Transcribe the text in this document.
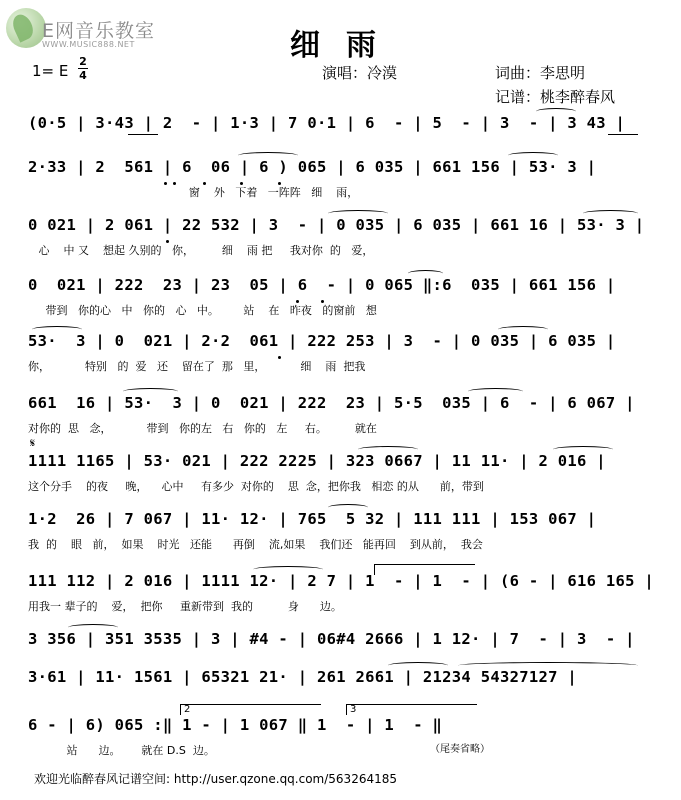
E网音乐教室
WWW.MUSIC888.NET	细雨
1= E
2
4	演唱：冷漠	词曲：李思明
记谱：桃李醉春风
(0·5 | 3·43 | 2  - | 1·3 | 7 0·1 | 6  - | 5  - | 3  - | 3 43 |
2·33 | 2  561 | 6  06 | 6 ) 065 | 6 035 | 661 156 | 53· 3 |
窗    外   下着   一阵阵   细    雨，
0 021 | 2 061 | 22 532 | 3  - | 0 035 | 6 035 | 661 16 | 53· 3 |
心    中 又    想起 久别的   你，        细    雨 把     我对你  的   爱，
0  021 | 222  23 | 23  05 | 6  - | 0 065 ‖:6  035 | 661 156 |
带到   你的心   中   你的   心   中。       站    在   昨夜   的窗前   想
53·  3 | 0  021 | 2·2  061 | 222 253 | 3  - | 0 035 | 6 035 |
你，          特别   的  爱   还    留在了  那   里，          细    雨  把我
661  16 | 53·  3 | 0  021 | 222  23 | 5·5  035 | 6  - | 6 067 |
对你的  思   念，          带到   你的左   右   你的   左     右。        就在
1111 1165 | 53· 021 | 222 2225 | 323 0667 | 11 11· | 2 016 |
这个分手    的夜     晚，    心中     有多少  对你的    思  念，把你我   相恋 的从      前，带到
𝄋
1·2  26 | 7 067 | 11· 12· | 765  5 32 | 111 111 | 153 067 |
我  的    眼   前，  如果    时光   还能      再倒    流,如果    我们还   能再回    到从前，  我会
111 112 | 2 016 | 1111 12· | 2 7 | 1  - | 1  - | (6 - | 616 165 |
用我一 辈子的    爱，  把你     重新带到  我的          身      边。
3 356 | 351 3535 | 3 | #4 - | 06#4 2666 | 1 12· | 7  - | 3  - |
3·61 | 11· 1561 | 65321 21· | 261 2661 | 21234 54327127 |
6 - | 6) 065 :‖ 1 - | 1 067 ‖ 1  - | 1  - ‖
站      边。      就在 D.S  边。
2	3
（尾奏省略）
欢迎光临醉春风记谱空间: http://user.qzone.qq.com/563264185
